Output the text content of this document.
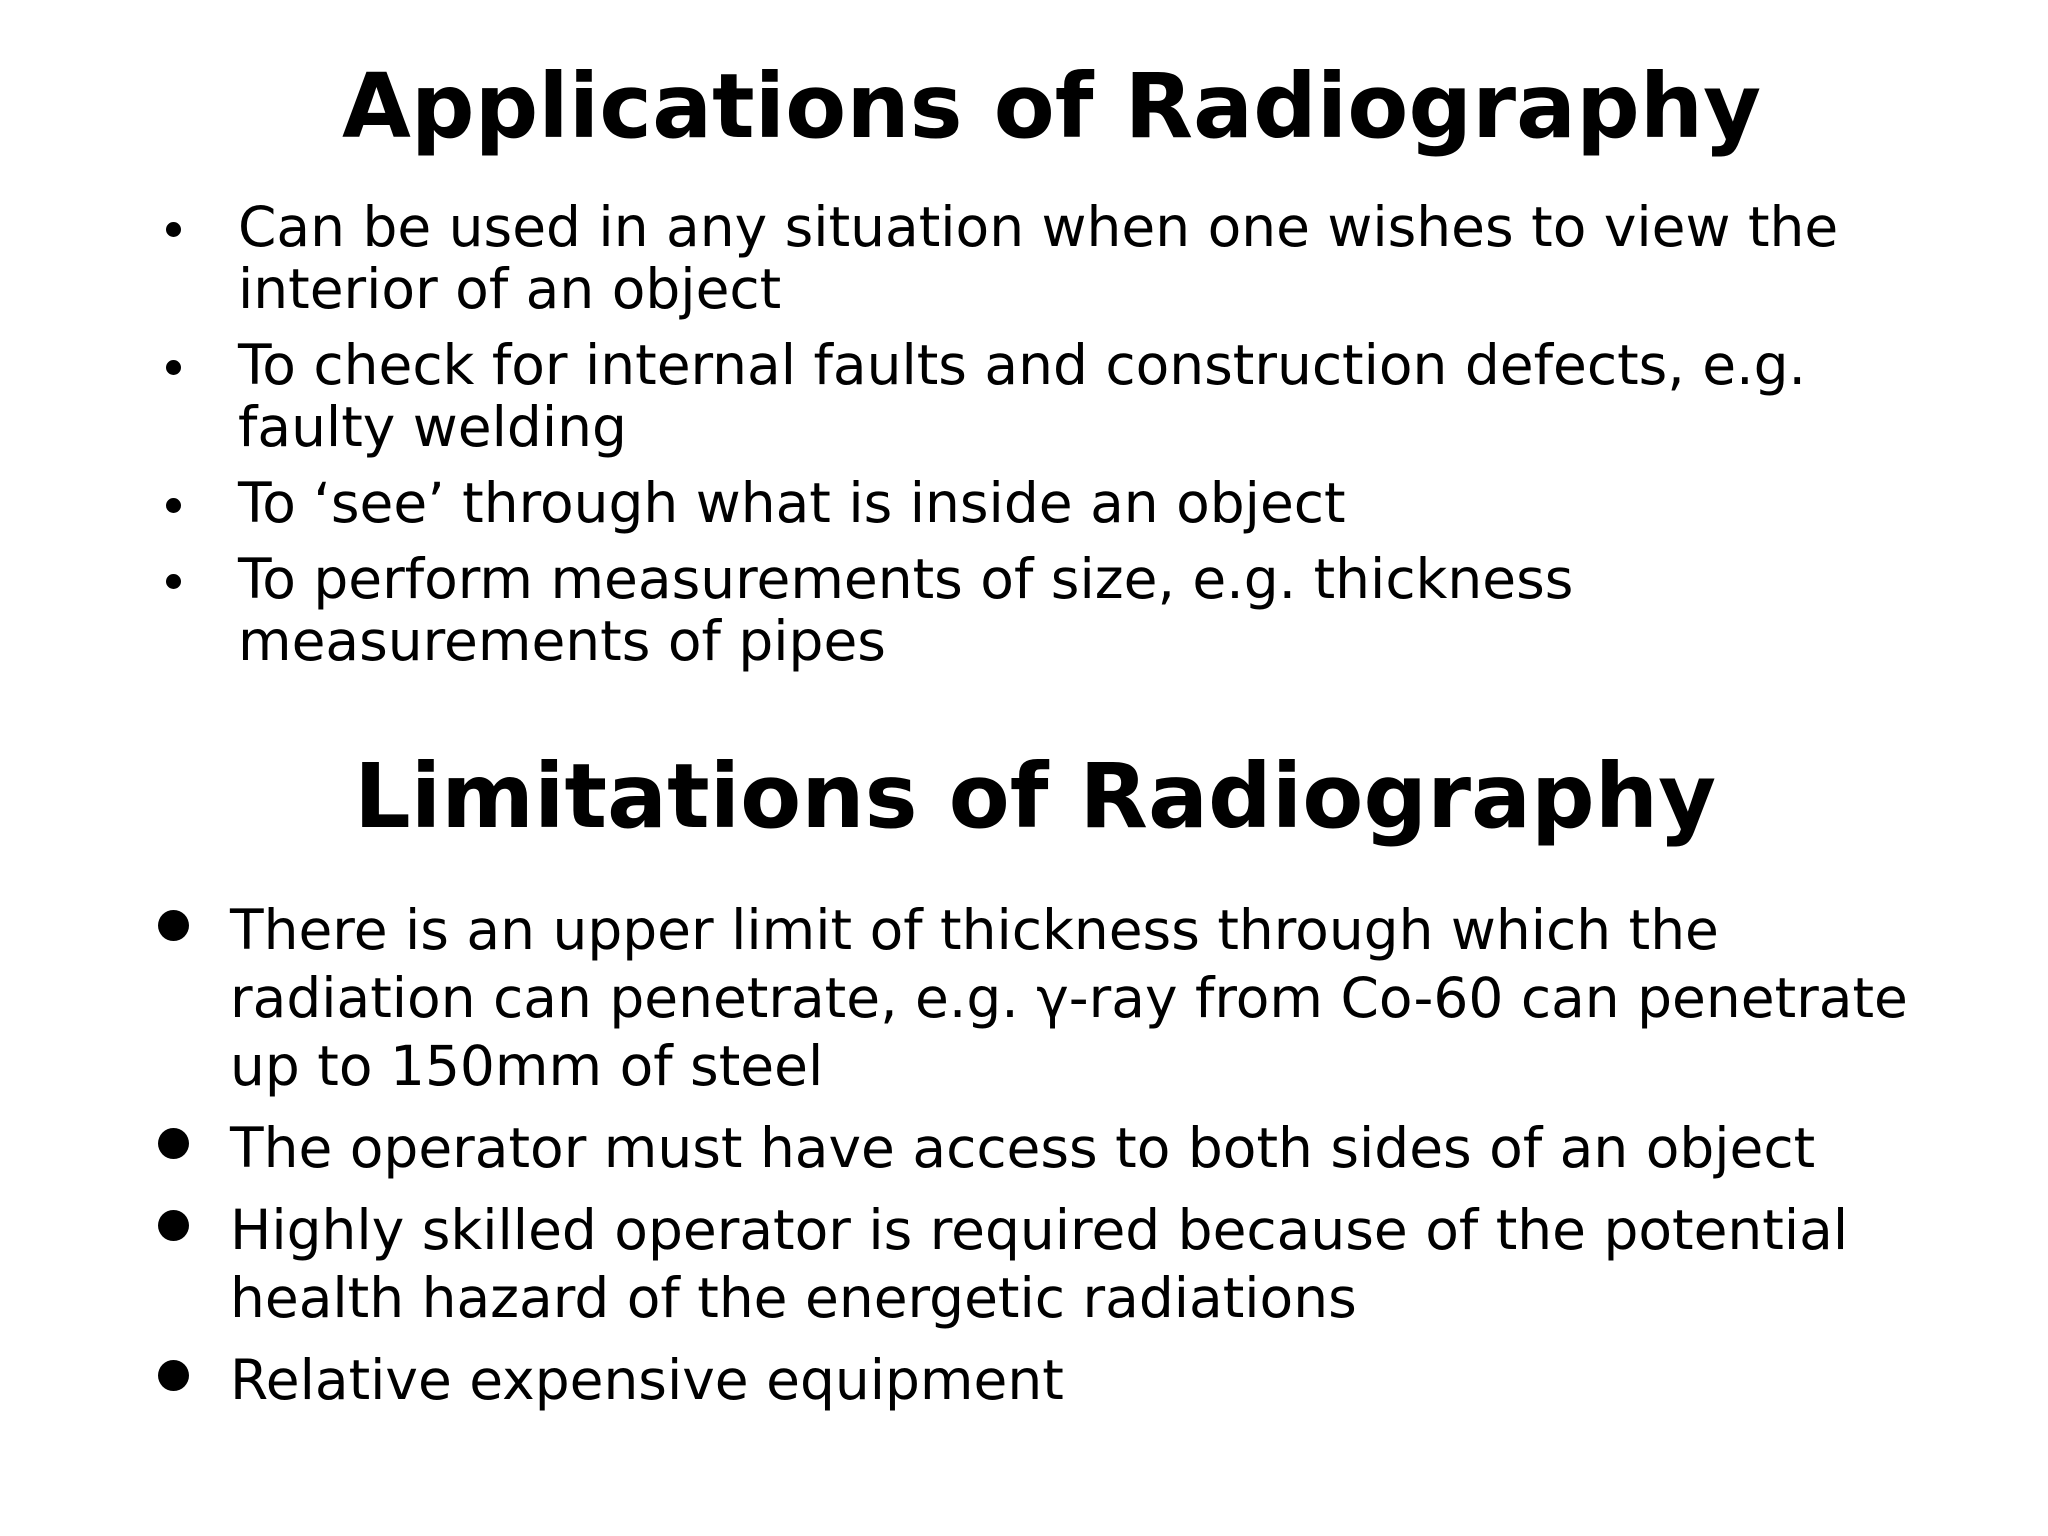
Applications of Radiography
Can be used in any situation when one wishes to view the interior of an object
To check for internal faults and construction defects, e.g. faulty welding
To ‘see’ through what is inside an object
To perform measurements of size, e.g. thickness measurements of pipes
Limitations of Radiography
There is an upper limit of thickness through which the radiation can penetrate, e.g. γ-ray from Co-60 can penetrate up to 150mm of steel
The operator must have access to both sides of an object
Highly skilled operator is required because of the potential health hazard of the energetic radiations
Relative expensive equipment
